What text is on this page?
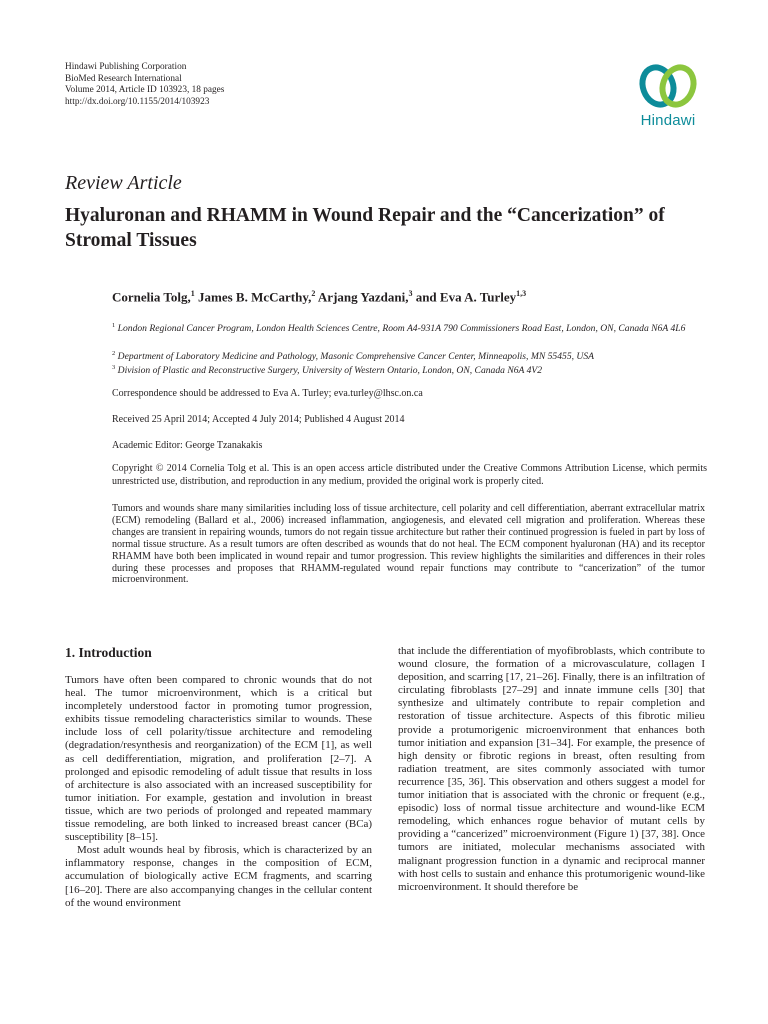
Hindawi Publishing Corporation
BioMed Research International
Volume 2014, Article ID 103923, 18 pages
http://dx.doi.org/10.1155/2014/103923
Hindawi
Review Article
Hyaluronan and RHAMM in Wound Repair and the “Cancerization” of Stromal Tissues
Cornelia Tolg,$^1$ James B. McCarthy,$^2$ Arjang Yazdani,$^3$ and Eva A. Turley$^{1,3}$
$^1$ London Regional Cancer Program, London Health Sciences Centre, Room A4-931A 790 Commissioners Road East, London, ON, Canada N6A 4L6
$^2$ Department of Laboratory Medicine and Pathology, Masonic Comprehensive Cancer Center, Minneapolis, MN 55455, USA
$^3$ Division of Plastic and Reconstructive Surgery, University of Western Ontario, London, ON, Canada N6A 4V2
Correspondence should be addressed to Eva A. Turley; eva.turley@lhsc.on.ca
Received 25 April 2014; Accepted 4 July 2014; Published 4 August 2014
Academic Editor: George Tzanakakis
Copyright © 2014 Cornelia Tolg et al. This is an open access article distributed under the Creative Commons Attribution License, which permits unrestricted use, distribution, and reproduction in any medium, provided the original work is properly cited.
Tumors and wounds share many similarities including loss of tissue architecture, cell polarity and cell differentiation, aberrant extracellular matrix (ECM) remodeling (Ballard et al., 2006) increased inflammation, angiogenesis, and elevated cell migration and proliferation. Whereas these changes are transient in repairing wounds, tumors do not regain tissue architecture but rather their continued progression is fueled in part by loss of normal tissue structure. As a result tumors are often described as wounds that do not heal. The ECM component hyaluronan (HA) and its receptor RHAMM have both been implicated in wound repair and tumor progression. This review highlights the similarities and differences in their roles during these processes and proposes that RHAMM-regulated wound repair functions may contribute to “cancerization” of the tumor microenvironment.
1. Introduction

Tumors have often been compared to chronic wounds that do not heal. The tumor microenvironment, which is a critical but incompletely understood factor in promoting tumor progression, exhibits tissue remodeling characteristics similar to wounds. These include loss of cell polarity/tissue architecture and remodeling (degradation/resynthesis and reorganization) of the ECM [1], as well as cell dedifferentiation, migration, and proliferation [2–7]. A prolonged and episodic remodeling of adult tissue that results in loss of architecture is also associated with an increased susceptibility for tumor initiation. For example, gestation and involution in breast tissue, which are two periods of prolonged and repeated mammary tissue remodeling, are both linked to increased breast cancer (BCa) susceptibility [8–15].

Most adult wounds heal by fibrosis, which is characterized by an inflammatory response, changes in the composition of ECM, accumulation of biologically active ECM fragments, and scarring [16–20]. There are also accompanying changes in the cellular content of the wound environment

that include the differentiation of myofibroblasts, which contribute to wound closure, the formation of a microvasculature, collagen I deposition, and scarring [17, 21–26]. Finally, there is an infiltration of circulating fibroblasts [27–29] and innate immune cells [30] that synthesize and ultimately contribute to repair completion and restoration of tissue architecture. Aspects of this fibrotic milieu provide a protumorigenic microenvironment that enhances both tumor initiation and expansion [31–34]. For example, the presence of high density or fibrotic regions in breast, often resulting from radiation treatment, are sites commonly associated with tumor recurrence [35, 36]. This observation and others suggest a model for tumor initiation that is associated with the chronic or frequent (e.g., episodic) loss of normal tissue architecture and wound-like ECM remodeling, which enhances rogue behavior of mutant cells by providing a “cancerized” microenvironment (Figure 1) [37, 38]. Once tumors are initiated, molecular mechanisms associated with malignant progression function in a dynamic and reciprocal manner with host cells to sustain and enhance this protumorigenic wound-like microenvironment. It should therefore be
